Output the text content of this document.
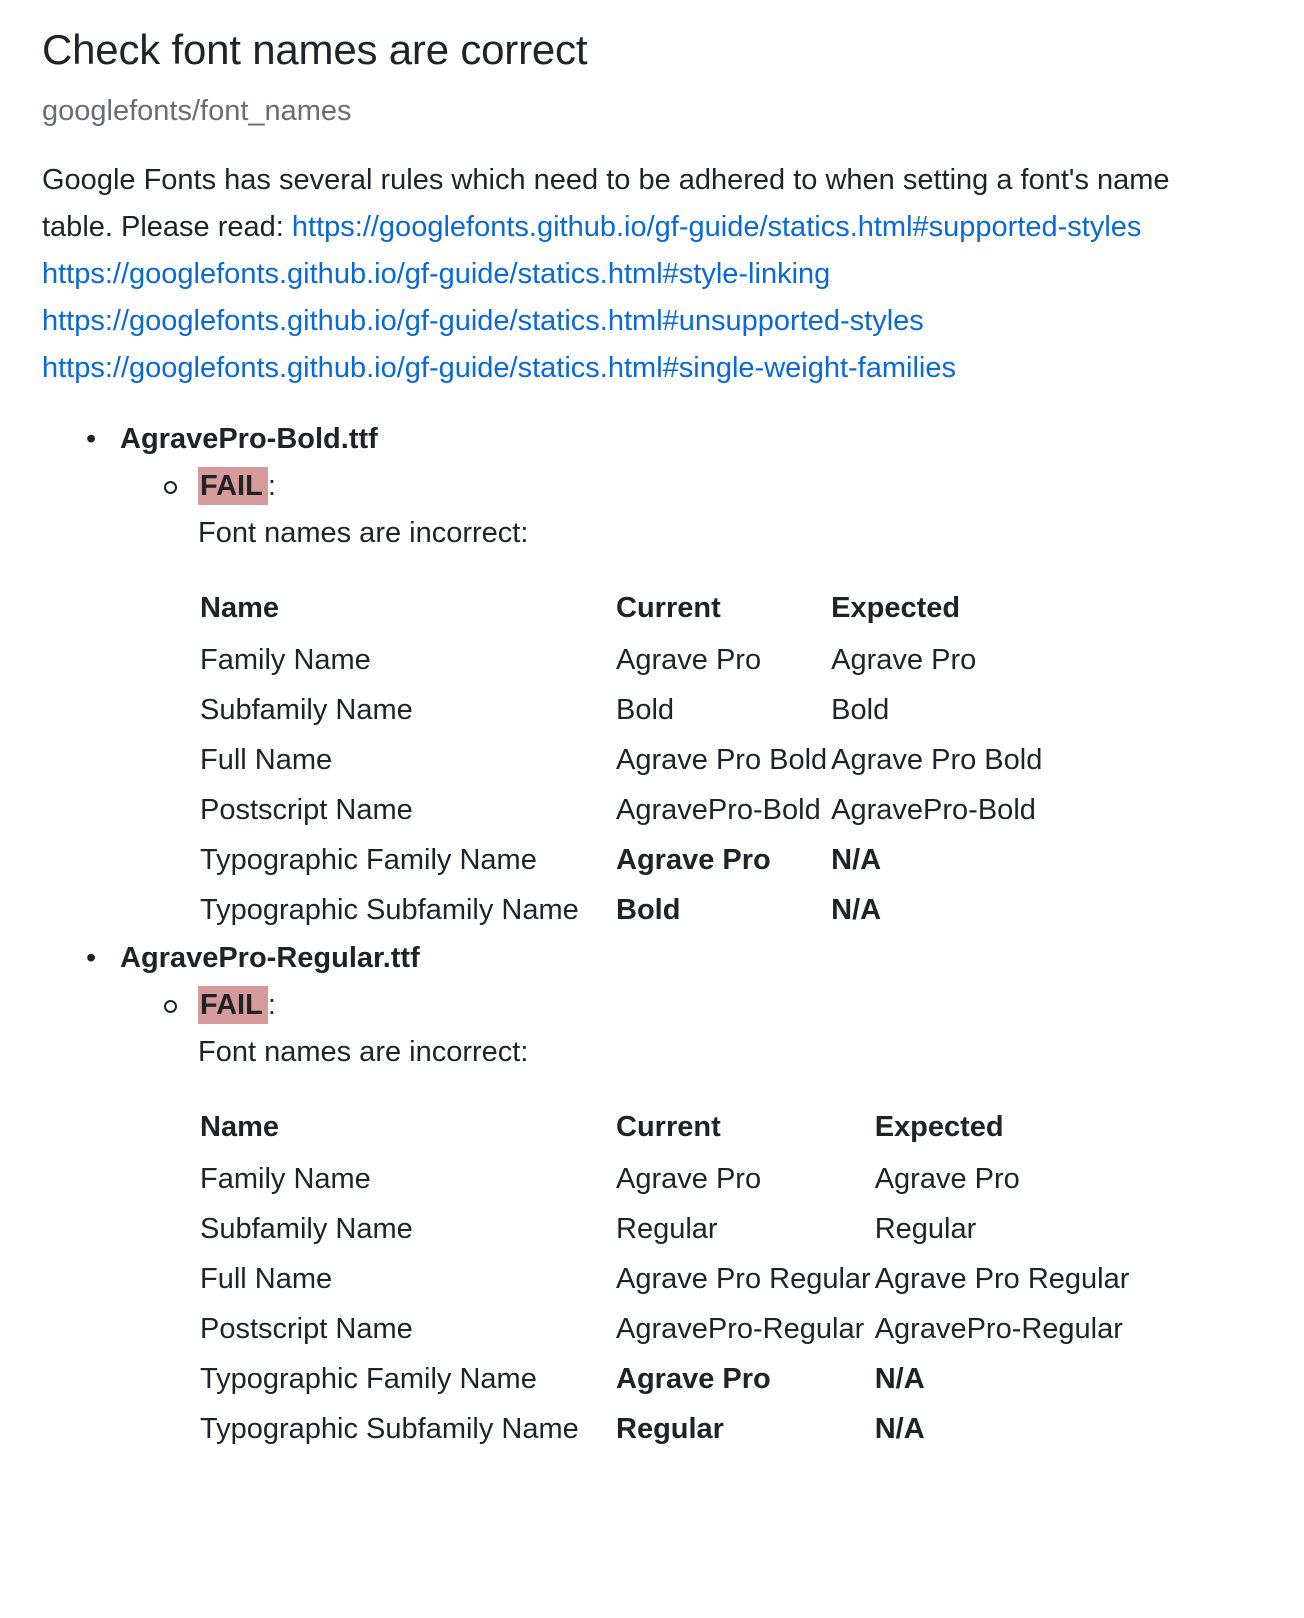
Check font names are correct
googlefonts/font_names

Google Fonts has several rules which need to be adhered to when setting a font's name table. Please read: https://googlefonts.github.io/gf-guide/statics.html#supported-styles https://googlefonts.github.io/gf-guide/statics.html#style-linking https://googlefonts.github.io/gf-guide/statics.html#unsupported-styles https://googlefonts.github.io/gf-guide/statics.html#single-weight-families

• AgravePro-Bold.ttf
FAIL :
Font names are incorrect:
Name	Current	Expected
Family Name	Agrave Pro	Agrave Pro
Subfamily Name	Bold	Bold
Full Name	Agrave Pro Bold	Agrave Pro Bold
Postscript Name	AgravePro-Bold	AgravePro-Bold
Typographic Family Name	Agrave Pro	N/A
Typographic Subfamily Name	Bold	N/A
• AgravePro-Regular.ttf
FAIL :
Font names are incorrect:
Name	Current	Expected
Family Name	Agrave Pro	Agrave Pro
Subfamily Name	Regular	Regular
Full Name	Agrave Pro Regular	Agrave Pro Regular
Postscript Name	AgravePro-Regular	AgravePro-Regular
Typographic Family Name	Agrave Pro	N/A
Typographic Subfamily Name	Regular	N/A
